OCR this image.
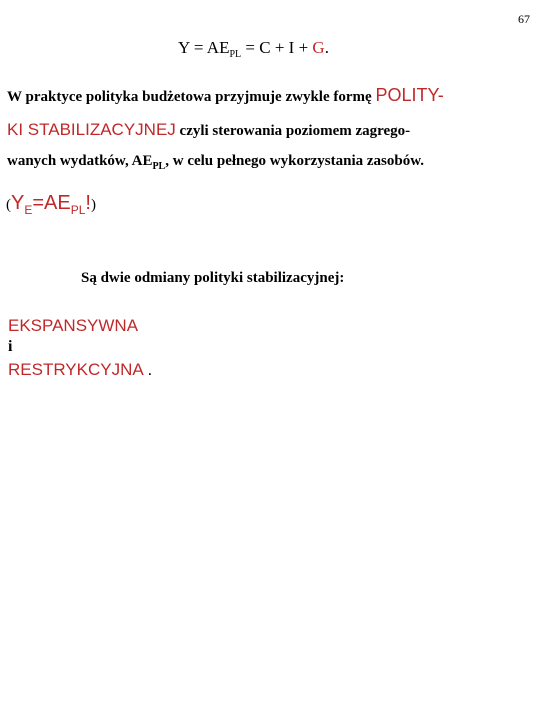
67
$Y = AE_{PL} = C + I + G$.
W praktyce polityka budżetowa przyjmuje zwykle formę POLITY-
KI STABILIZACYJNEJ czyli sterowania poziomem zagrego-
wanych wydatków, $AE_{PL}$, w celu pełnego wykorzystania zasobów.
$(Y_E=AE_{PL}!)$
Są dwie odmiany polityki stabilizacyjnej:
EKSPANSYWNA
i
RESTRYKCYJNA .
